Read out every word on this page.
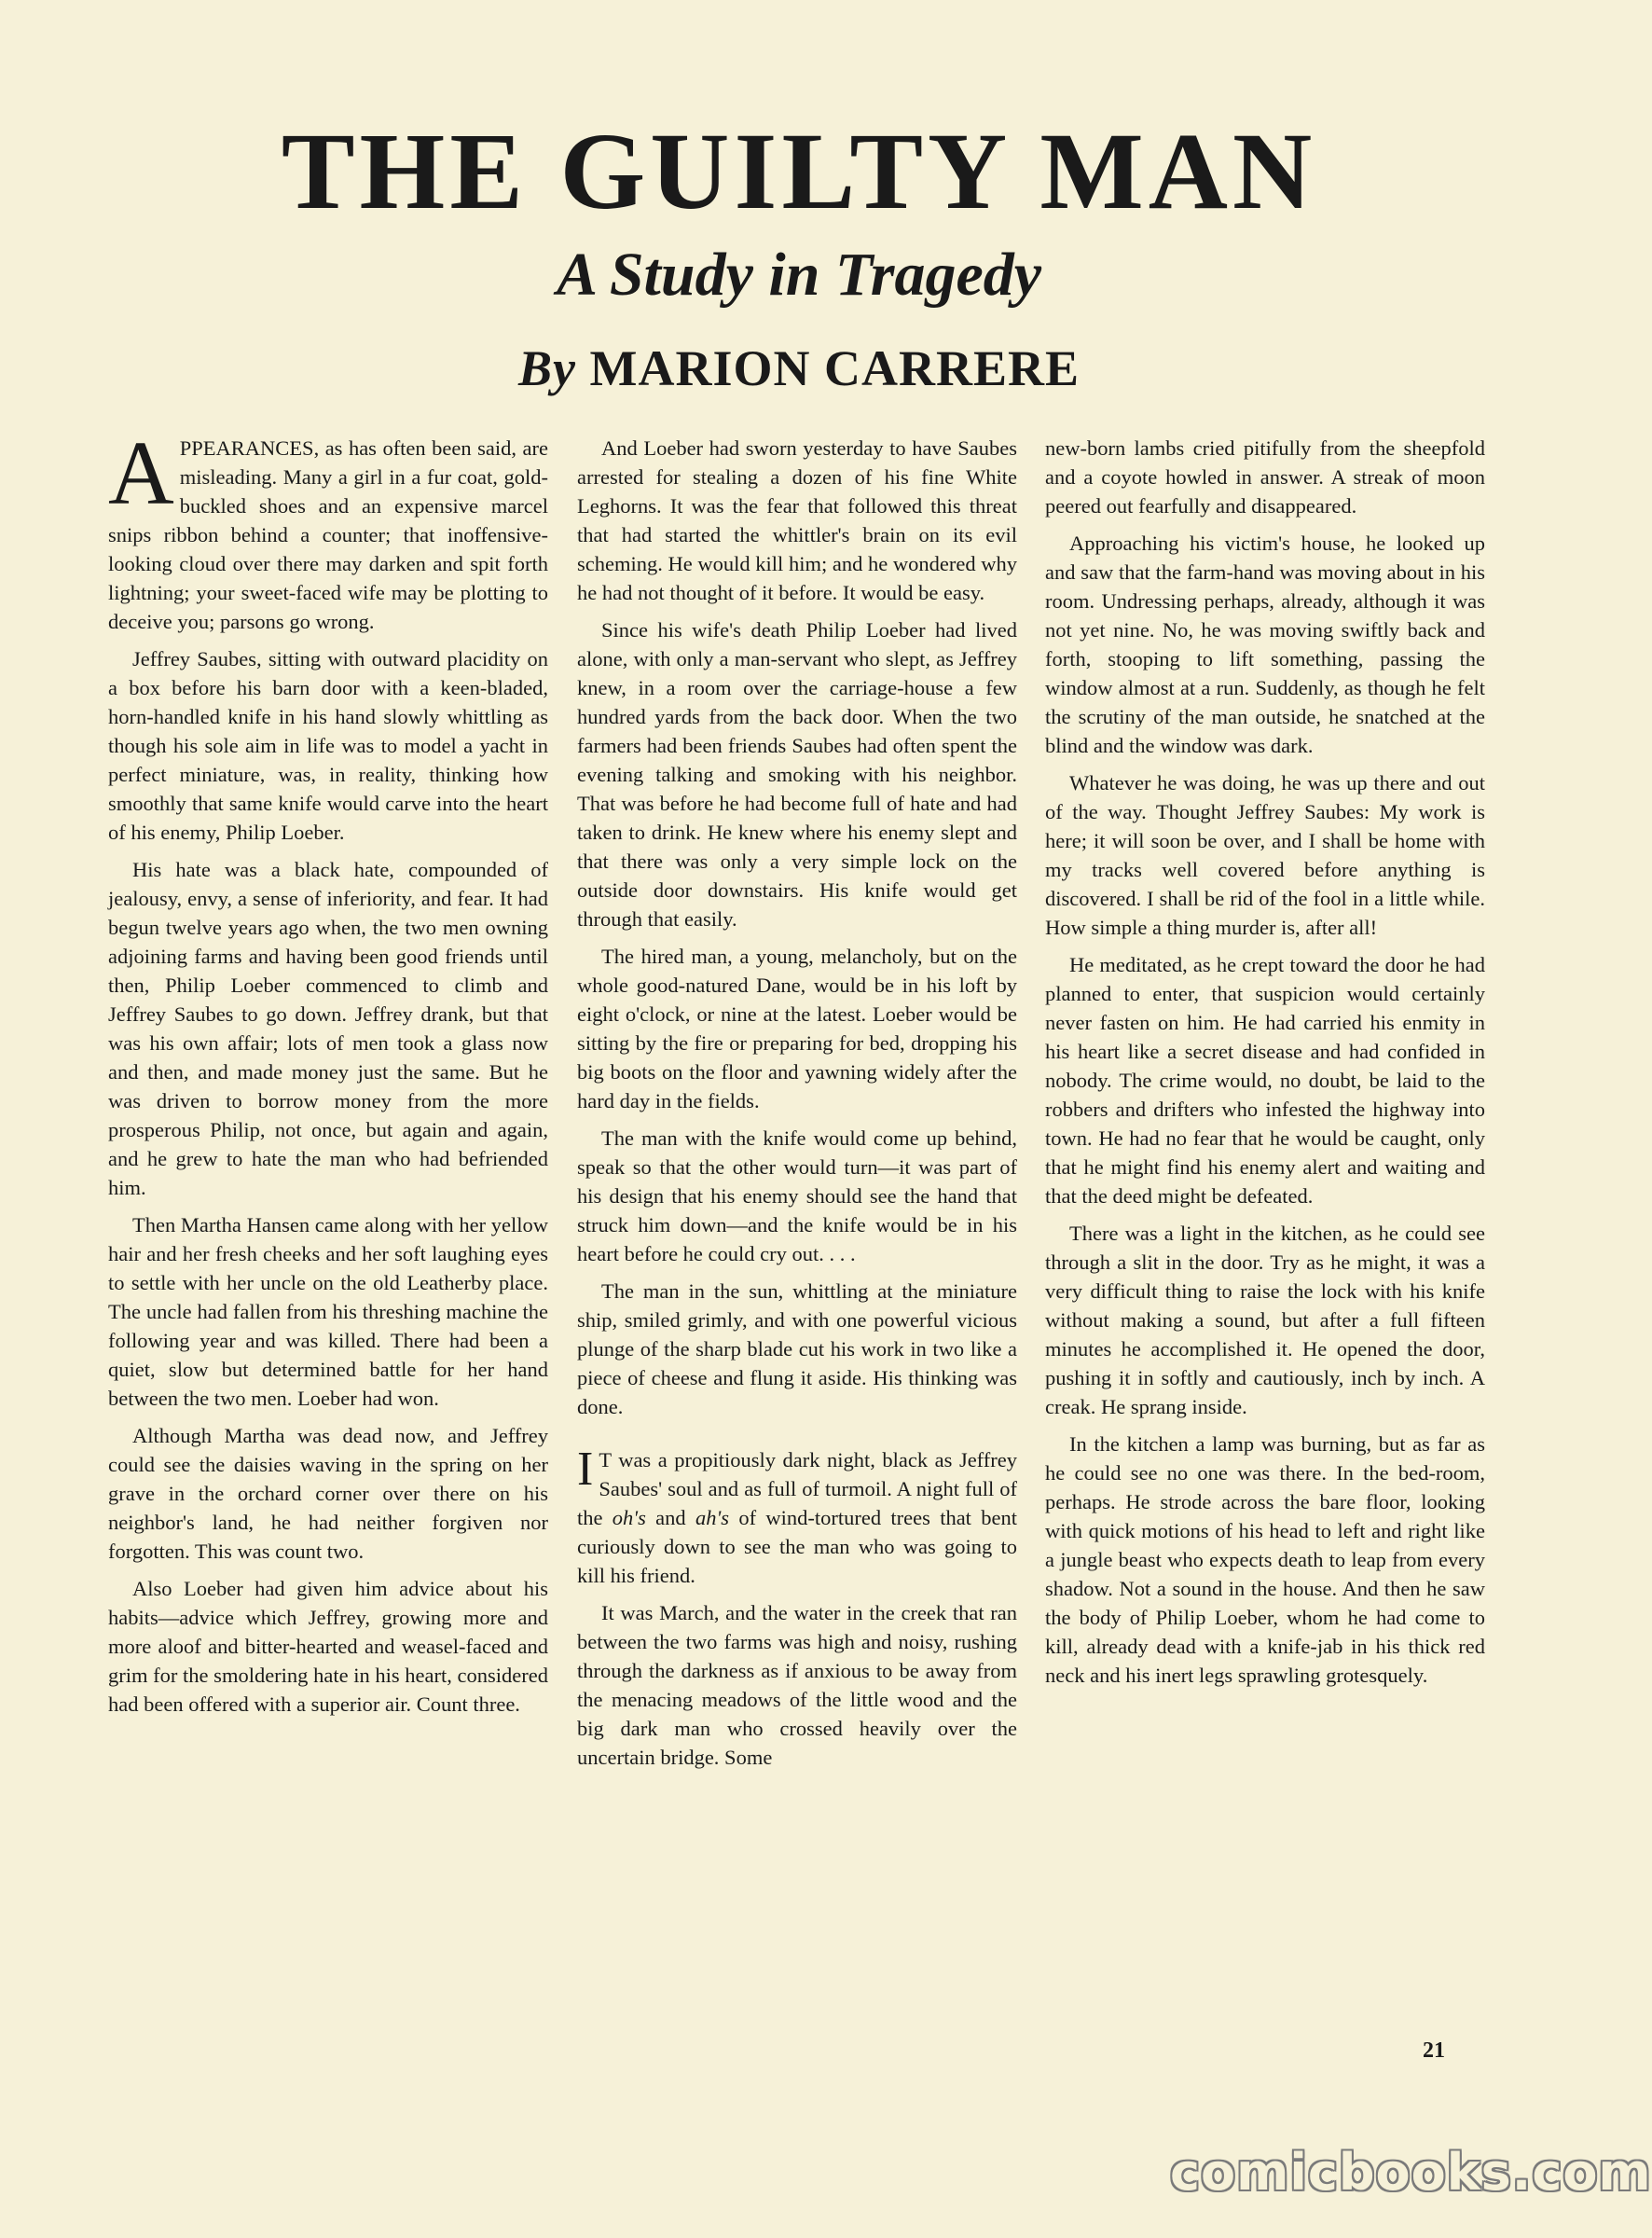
THE GUILTY MAN
A Study in Tragedy
By MARION CARRERE

APPEARANCES, as has often been said, are misleading. Many a girl in a fur coat, gold-buckled shoes and an expensive marcel snips ribbon behind a counter; that inoffensive-looking cloud over there may darken and spit forth lightning; your sweet-faced wife may be plotting to deceive you; parsons go wrong.

Jeffrey Saubes, sitting with outward placidity on a box before his barn door with a keen-bladed, horn-handled knife in his hand slowly whittling as though his sole aim in life was to model a yacht in perfect miniature, was, in reality, thinking how smoothly that same knife would carve into the heart of his enemy, Philip Loeber.

His hate was a black hate, compounded of jealousy, envy, a sense of inferiority, and fear. It had begun twelve years ago when, the two men owning adjoining farms and having been good friends until then, Philip Loeber commenced to climb and Jeffrey Saubes to go down. Jeffrey drank, but that was his own affair; lots of men took a glass now and then, and made money just the same. But he was driven to borrow money from the more prosperous Philip, not once, but again and again, and he grew to hate the man who had befriended him.

Then Martha Hansen came along with her yellow hair and her fresh cheeks and her soft laughing eyes to settle with her uncle on the old Leatherby place. The uncle had fallen from his threshing machine the following year and was killed. There had been a quiet, slow but determined battle for her hand between the two men. Loeber had won.

Although Martha was dead now, and Jeffrey could see the daisies waving in the spring on her grave in the orchard corner over there on his neighbor's land, he had neither forgiven nor forgotten. This was count two.

Also Loeber had given him advice about his habits—advice which Jeffrey, growing more and more aloof and bitter-hearted and weasel-faced and grim for the smoldering hate in his heart, considered had been offered with a superior air. Count three.

And Loeber had sworn yesterday to have Saubes arrested for stealing a dozen of his fine White Leghorns. It was the fear that followed this threat that had started the whittler's brain on its evil scheming. He would kill him; and he wondered why he had not thought of it before. It would be easy.

Since his wife's death Philip Loeber had lived alone, with only a man-servant who slept, as Jeffrey knew, in a room over the carriage-house a few hundred yards from the back door. When the two farmers had been friends Saubes had often spent the evening talking and smoking with his neighbor. That was before he had become full of hate and had taken to drink. He knew where his enemy slept and that there was only a very simple lock on the outside door downstairs. His knife would get through that easily.

The hired man, a young, melancholy, but on the whole good-natured Dane, would be in his loft by eight o'clock, or nine at the latest. Loeber would be sitting by the fire or preparing for bed, dropping his big boots on the floor and yawning widely after the hard day in the fields.

The man with the knife would come up behind, speak so that the other would turn—it was part of his design that his enemy should see the hand that struck him down—and the knife would be in his heart before he could cry out. . . .

The man in the sun, whittling at the miniature ship, smiled grimly, and with one powerful vicious plunge of the sharp blade cut his work in two like a piece of cheese and flung it aside. His thinking was done.

I T was a propitiously dark night, black as Jeffrey Saubes' soul and as full of turmoil. A night full of the oh's and ah's of wind-tortured trees that bent curiously down to see the man who was going to kill his friend.

It was March, and the water in the creek that ran between the two farms was high and noisy, rushing through the darkness as if anxious to be away from the menacing meadows of the little wood and the big dark man who crossed heavily over the uncertain bridge. Some

new-born lambs cried pitifully from the sheepfold and a coyote howled in answer. A streak of moon peered out fearfully and disappeared.

Approaching his victim's house, he looked up and saw that the farm-hand was moving about in his room. Undressing perhaps, already, although it was not yet nine. No, he was moving swiftly back and forth, stooping to lift something, passing the window almost at a run. Suddenly, as though he felt the scrutiny of the man outside, he snatched at the blind and the window was dark.

Whatever he was doing, he was up there and out of the way. Thought Jeffrey Saubes: My work is here; it will soon be over, and I shall be home with my tracks well covered before anything is discovered. I shall be rid of the fool in a little while. How simple a thing murder is, after all!

He meditated, as he crept toward the door he had planned to enter, that suspicion would certainly never fasten on him. He had carried his enmity in his heart like a secret disease and had confided in nobody. The crime would, no doubt, be laid to the robbers and drifters who infested the highway into town. He had no fear that he would be caught, only that he might find his enemy alert and waiting and that the deed might be defeated.

There was a light in the kitchen, as he could see through a slit in the door. Try as he might, it was a very difficult thing to raise the lock with his knife without making a sound, but after a full fifteen minutes he accomplished it. He opened the door, pushing it in softly and cautiously, inch by inch. A creak. He sprang inside.

In the kitchen a lamp was burning, but as far as he could see no one was there. In the bed-room, perhaps. He strode across the bare floor, looking with quick motions of his head to left and right like a jungle beast who expects death to leap from every shadow. Not a sound in the house. And then he saw the body of Philip Loeber, whom he had come to kill, already dead with a knife-jab in his thick red neck and his inert legs sprawling grotesquely.

21
comicbooks.com
